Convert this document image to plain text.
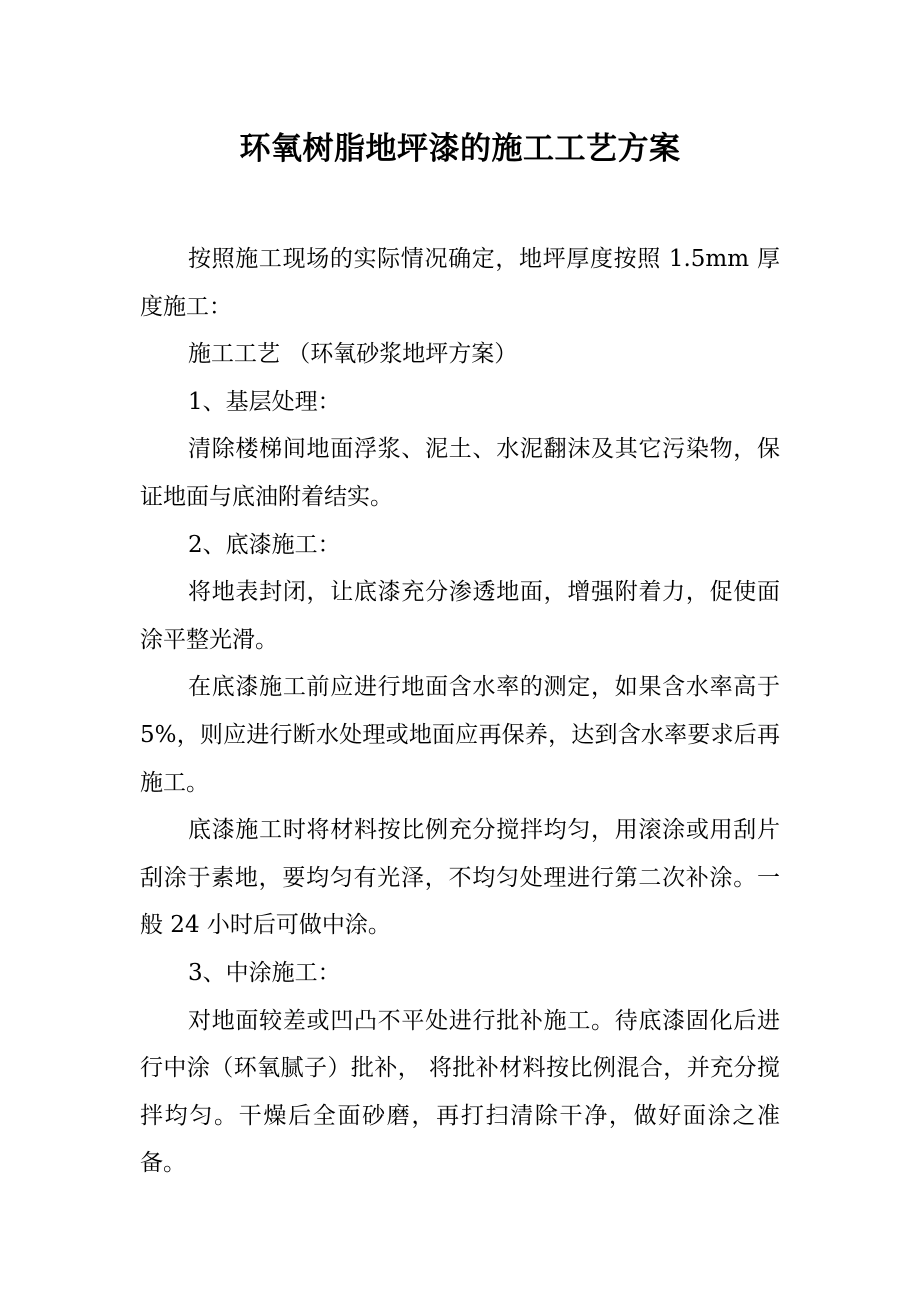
环氧树脂地坪漆的施工工艺方案

按照施工现场的实际情况确定，地坪厚度按照 1.5mm 厚度施工：

施工工艺 （环氧砂浆地坪方案）

1、基层处理：

清除楼梯间地面浮浆、泥土、水泥翻沫及其它污染物，保证地面与底油附着结实。

2、底漆施工：

将地表封闭，让底漆充分渗透地面，增强附着力，促使面涂平整光滑。

在底漆施工前应进行地面含水率的测定，如果含水率高于 5%，则应进行断水处理或地面应再保养，达到含水率要求后再施工。

底漆施工时将材料按比例充分搅拌均匀，用滚涂或用刮片刮涂于素地，要均匀有光泽，不均匀处理进行第二次补涂。一般 24 小时后可做中涂。

3、中涂施工：

对地面较差或凹凸不平处进行批补施工。待底漆固化后进行中涂（环氧腻子）批补， 将批补材料按比例混合，并充分搅拌均匀。干燥后全面砂磨，再打扫清除干净，做好面涂之准备。
